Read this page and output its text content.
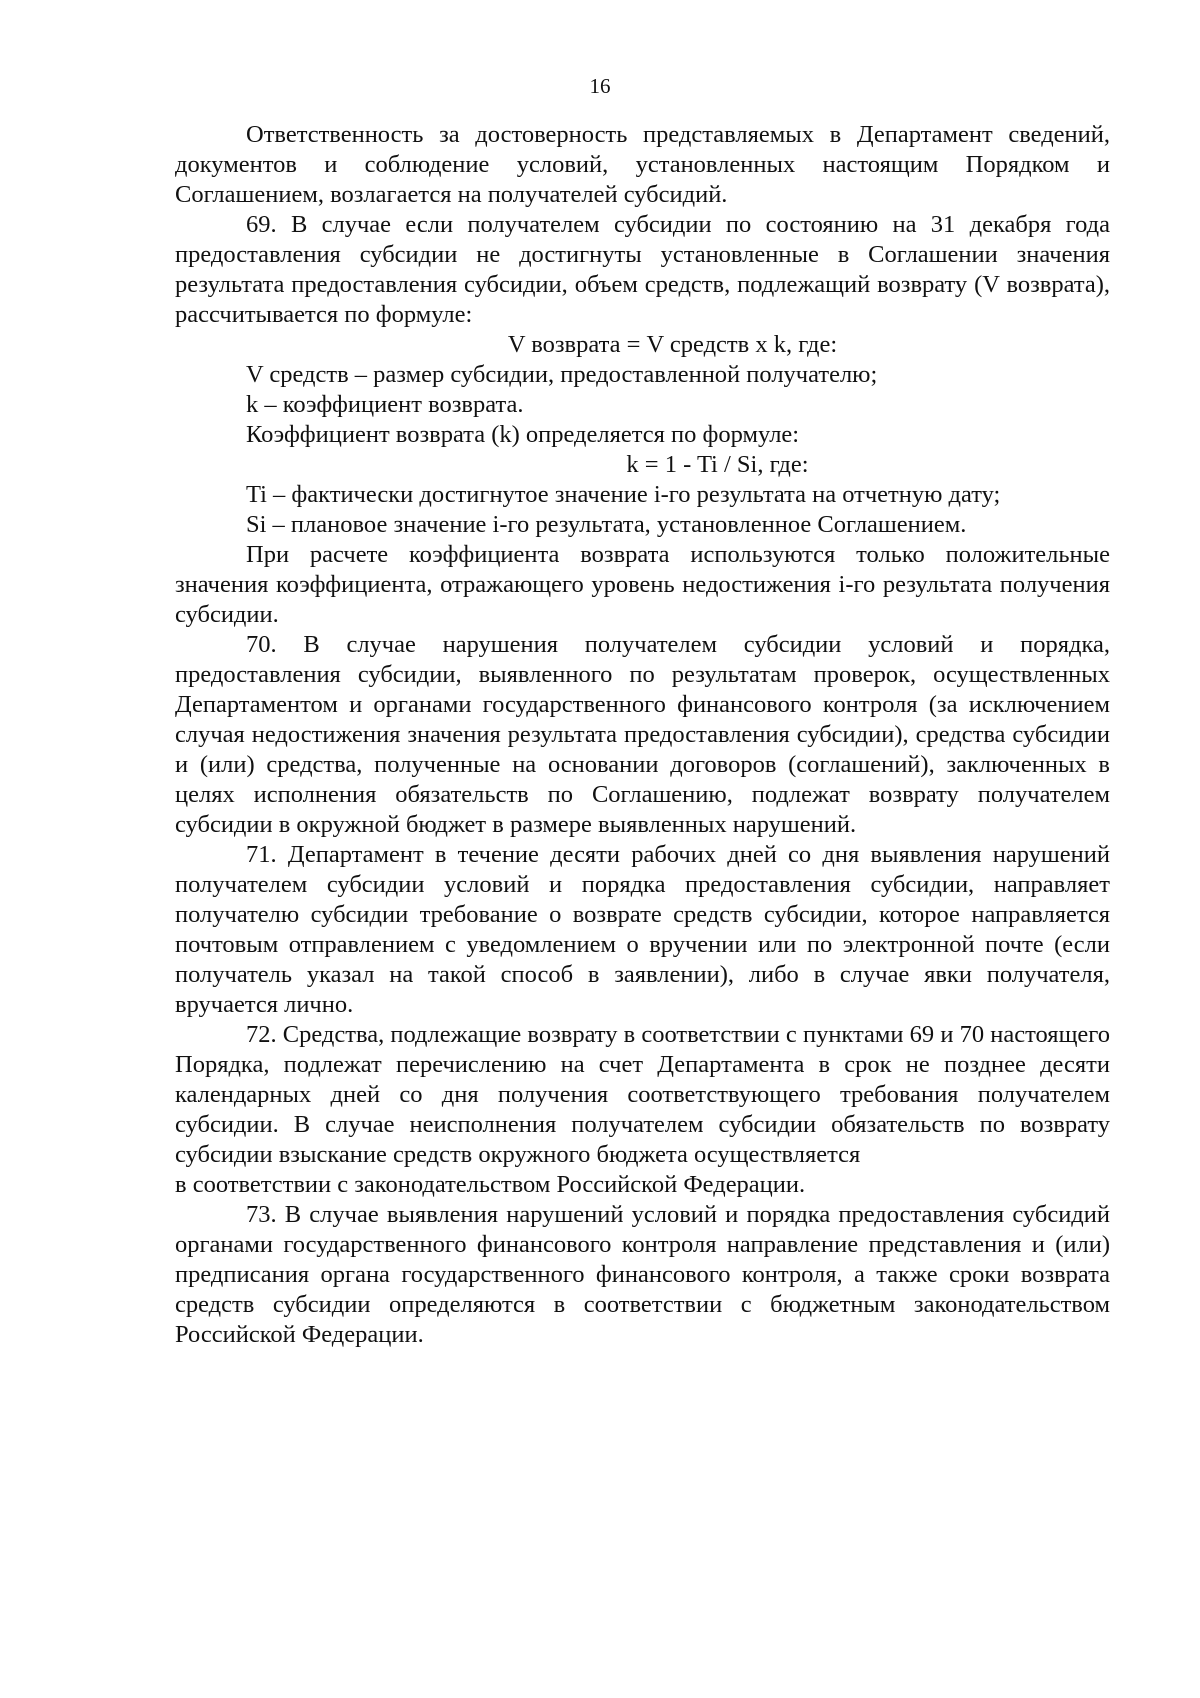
16

Ответственность за достоверность представляемых в Департамент сведений, документов и соблюдение условий, установленных настоящим Порядком и Соглашением, возлагается на получателей субсидий.

69. В случае если получателем субсидии по состоянию на 31 декабря года предоставления субсидии не достигнуты установленные в Соглашении значения результата предоставления субсидии, объем средств, подлежащий возврату (V возврата), рассчитывается по формуле:

V возврата = V средств x k, где:

V средств – размер субсидии, предоставленной получателю;

k – коэффициент возврата.

Коэффициент возврата (k) определяется по формуле:

k = 1 - Ti / Si, где:

Ti – фактически достигнутое значение i-го результата на отчетную дату;

Si – плановое значение i-го результата, установленное Соглашением.

При расчете коэффициента возврата используются только положительные значения коэффициента, отражающего уровень недостижения i-го результата получения субсидии.

70. В случае нарушения получателем субсидии условий и порядка, предоставления субсидии, выявленного по результатам проверок, осуществленных Департаментом и органами государственного финансового контроля (за исключением случая недостижения значения результата предоставления субсидии), средства субсидии и (или) средства, полученные на основании договоров (соглашений), заключенных в целях исполнения обязательств по Соглашению, подлежат возврату получателем субсидии в окружной бюджет в размере выявленных нарушений.

71. Департамент в течение десяти рабочих дней со дня выявления нарушений получателем субсидии условий и порядка предоставления субсидии, направляет получателю субсидии требование о возврате средств субсидии, которое направляется почтовым отправлением с уведомлением о вручении или по электронной почте (если получатель указал на такой способ в заявлении), либо в случае явки получателя, вручается лично.

72. Средства, подлежащие возврату в соответствии с пунктами 69 и 70 настоящего Порядка, подлежат перечислению на счет Департамента в срок не позднее десяти календарных дней со дня получения соответствующего требования получателем субсидии. В случае неисполнения получателем субсидии обязательств по возврату субсидии взыскание средств окружного бюджета осуществляется

в соответствии с законодательством Российской Федерации.

73. В случае выявления нарушений условий и порядка предоставления субсидий органами государственного финансового контроля направление представления и (или) предписания органа государственного финансового контроля, а также сроки возврата средств субсидии определяются в соответствии с бюджетным законодательством Российской Федерации.
